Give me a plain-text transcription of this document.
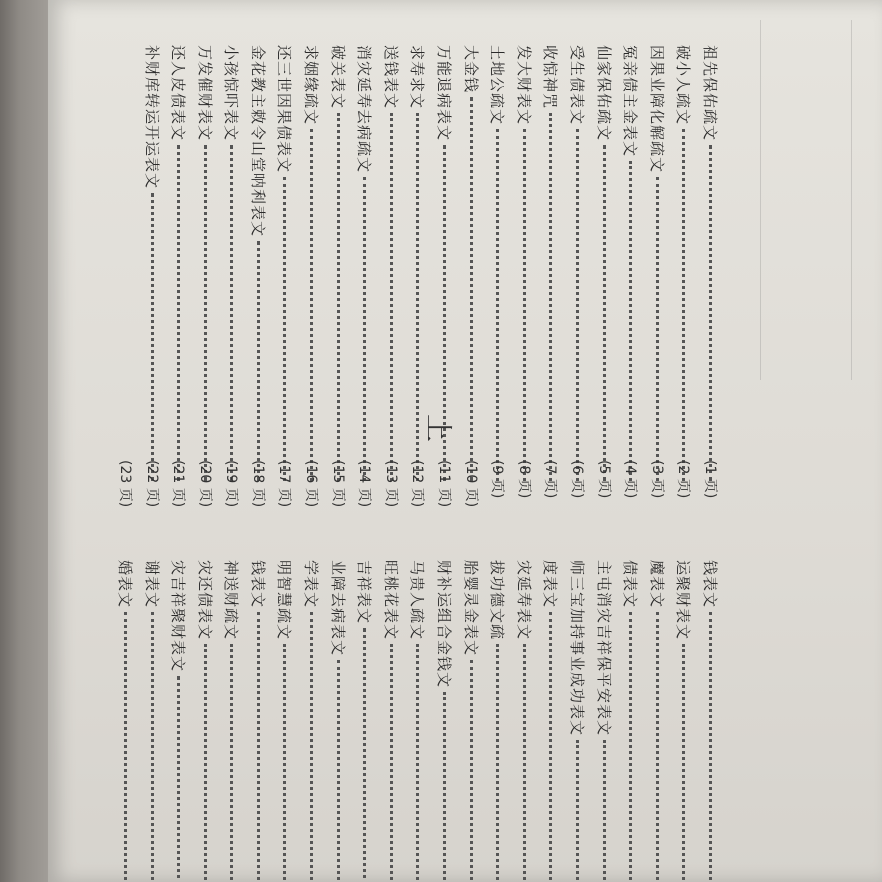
祖先保佑疏文
破小人疏文
因果业障化解疏文
冤亲债主金表文
仙家保佑疏文
受生债表文
收惊神咒
发大财表文
土地公疏文
大金钱
万能退病表文
求寿求文
送钱表文
消灾延寿去病疏文
破关表文
求姻缘疏文
还三世因果债表文
金花教主敕令山堂呐利表文
小孩惊吓表文
万发催财表文
还人皮债表文
补财库转运开运表文
(1 页)
(2 页)
(3 页)
(4 页)
(5 页)
(6 页)
(7 页)
(8 页)
(9 页)
(10 页)
(11 页)
(12 页)
(13 页)
(14 页)
(15 页)
(16 页)
(17 页)
(18 页)
(19 页)
(20 页)
(21 页)
(22 页)
(23 页)
上
钱表文
运聚财表文
魔表文
债表文
主屯消灾吉祥保平安表文
师三宝加持事业成功表文
度表文
灾延寿表文
拔功德文疏
胎婴灵金表文
财补运组合金钱文
马贵人疏文
旺桃花表文
吉祥表文
业障去病表文
学表文
明智慧疏文
钱表文
神送财疏文
灾还债表文
灾吉祥聚财表文
谢表文
婚表文
